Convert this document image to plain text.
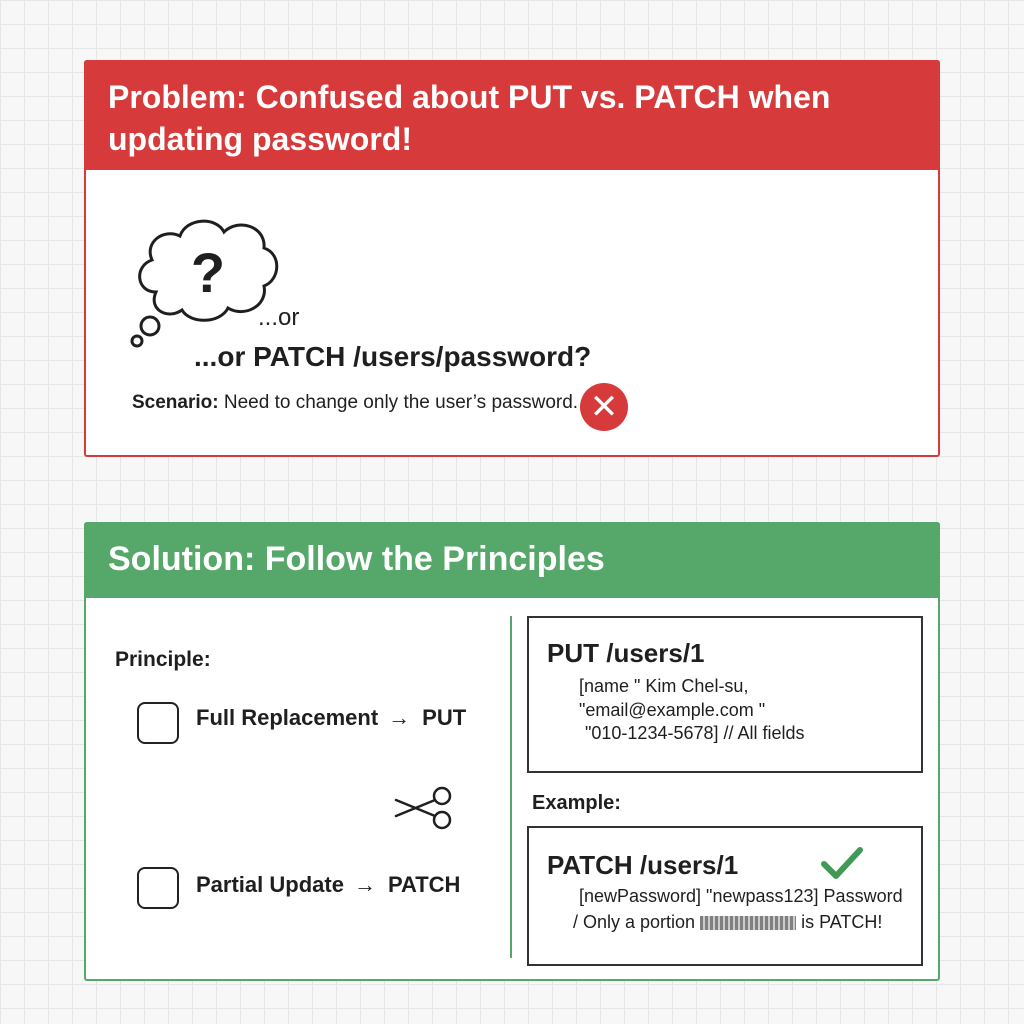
Problem: Confused about PUT vs. PATCH when
updating password!
?
...or
...or PATCH /users/password?
Scenario: Need to change only the user’s password. ✕
Solution: Follow the Principles
Principle:
Full Replacement → PUT
Partial Update → PATCH
PUT /users/1
[name " Kim Chel-su,
"email@example.com "
"010-1234-5678] // All fields
Example:
PATCH /users/1
[newPassword] "newpass123] Password
/ Only a portion	is PATCH!
